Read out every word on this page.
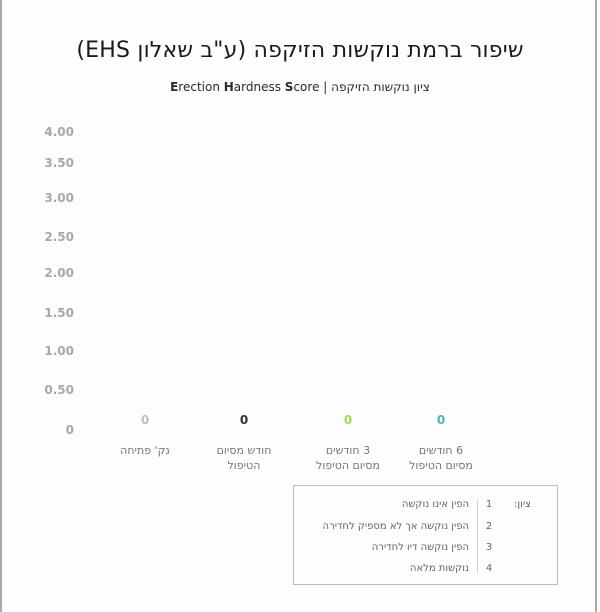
שיפור ברמת נוקשות הזיקפה (ע"ב שאלון EHS)
ציון נוקשות הזיקפה | Erection Hardness Score
4.00
3.50
3.00
2.50
2.00
1.50
1.00
0.50
0
0	0	0	0
נק' פתיחה	חודש מסיום
הטיפול
3 חודשים
מסיום הטיפול
6 חודשים
מסיום הטיפול
ציון:
1
הפין אינו נוקשה
2
הפין נוקשה אך לא מספיק לחדירה
3
הפין נוקשה דיו לחדירה
4
נוקשות מלאה
